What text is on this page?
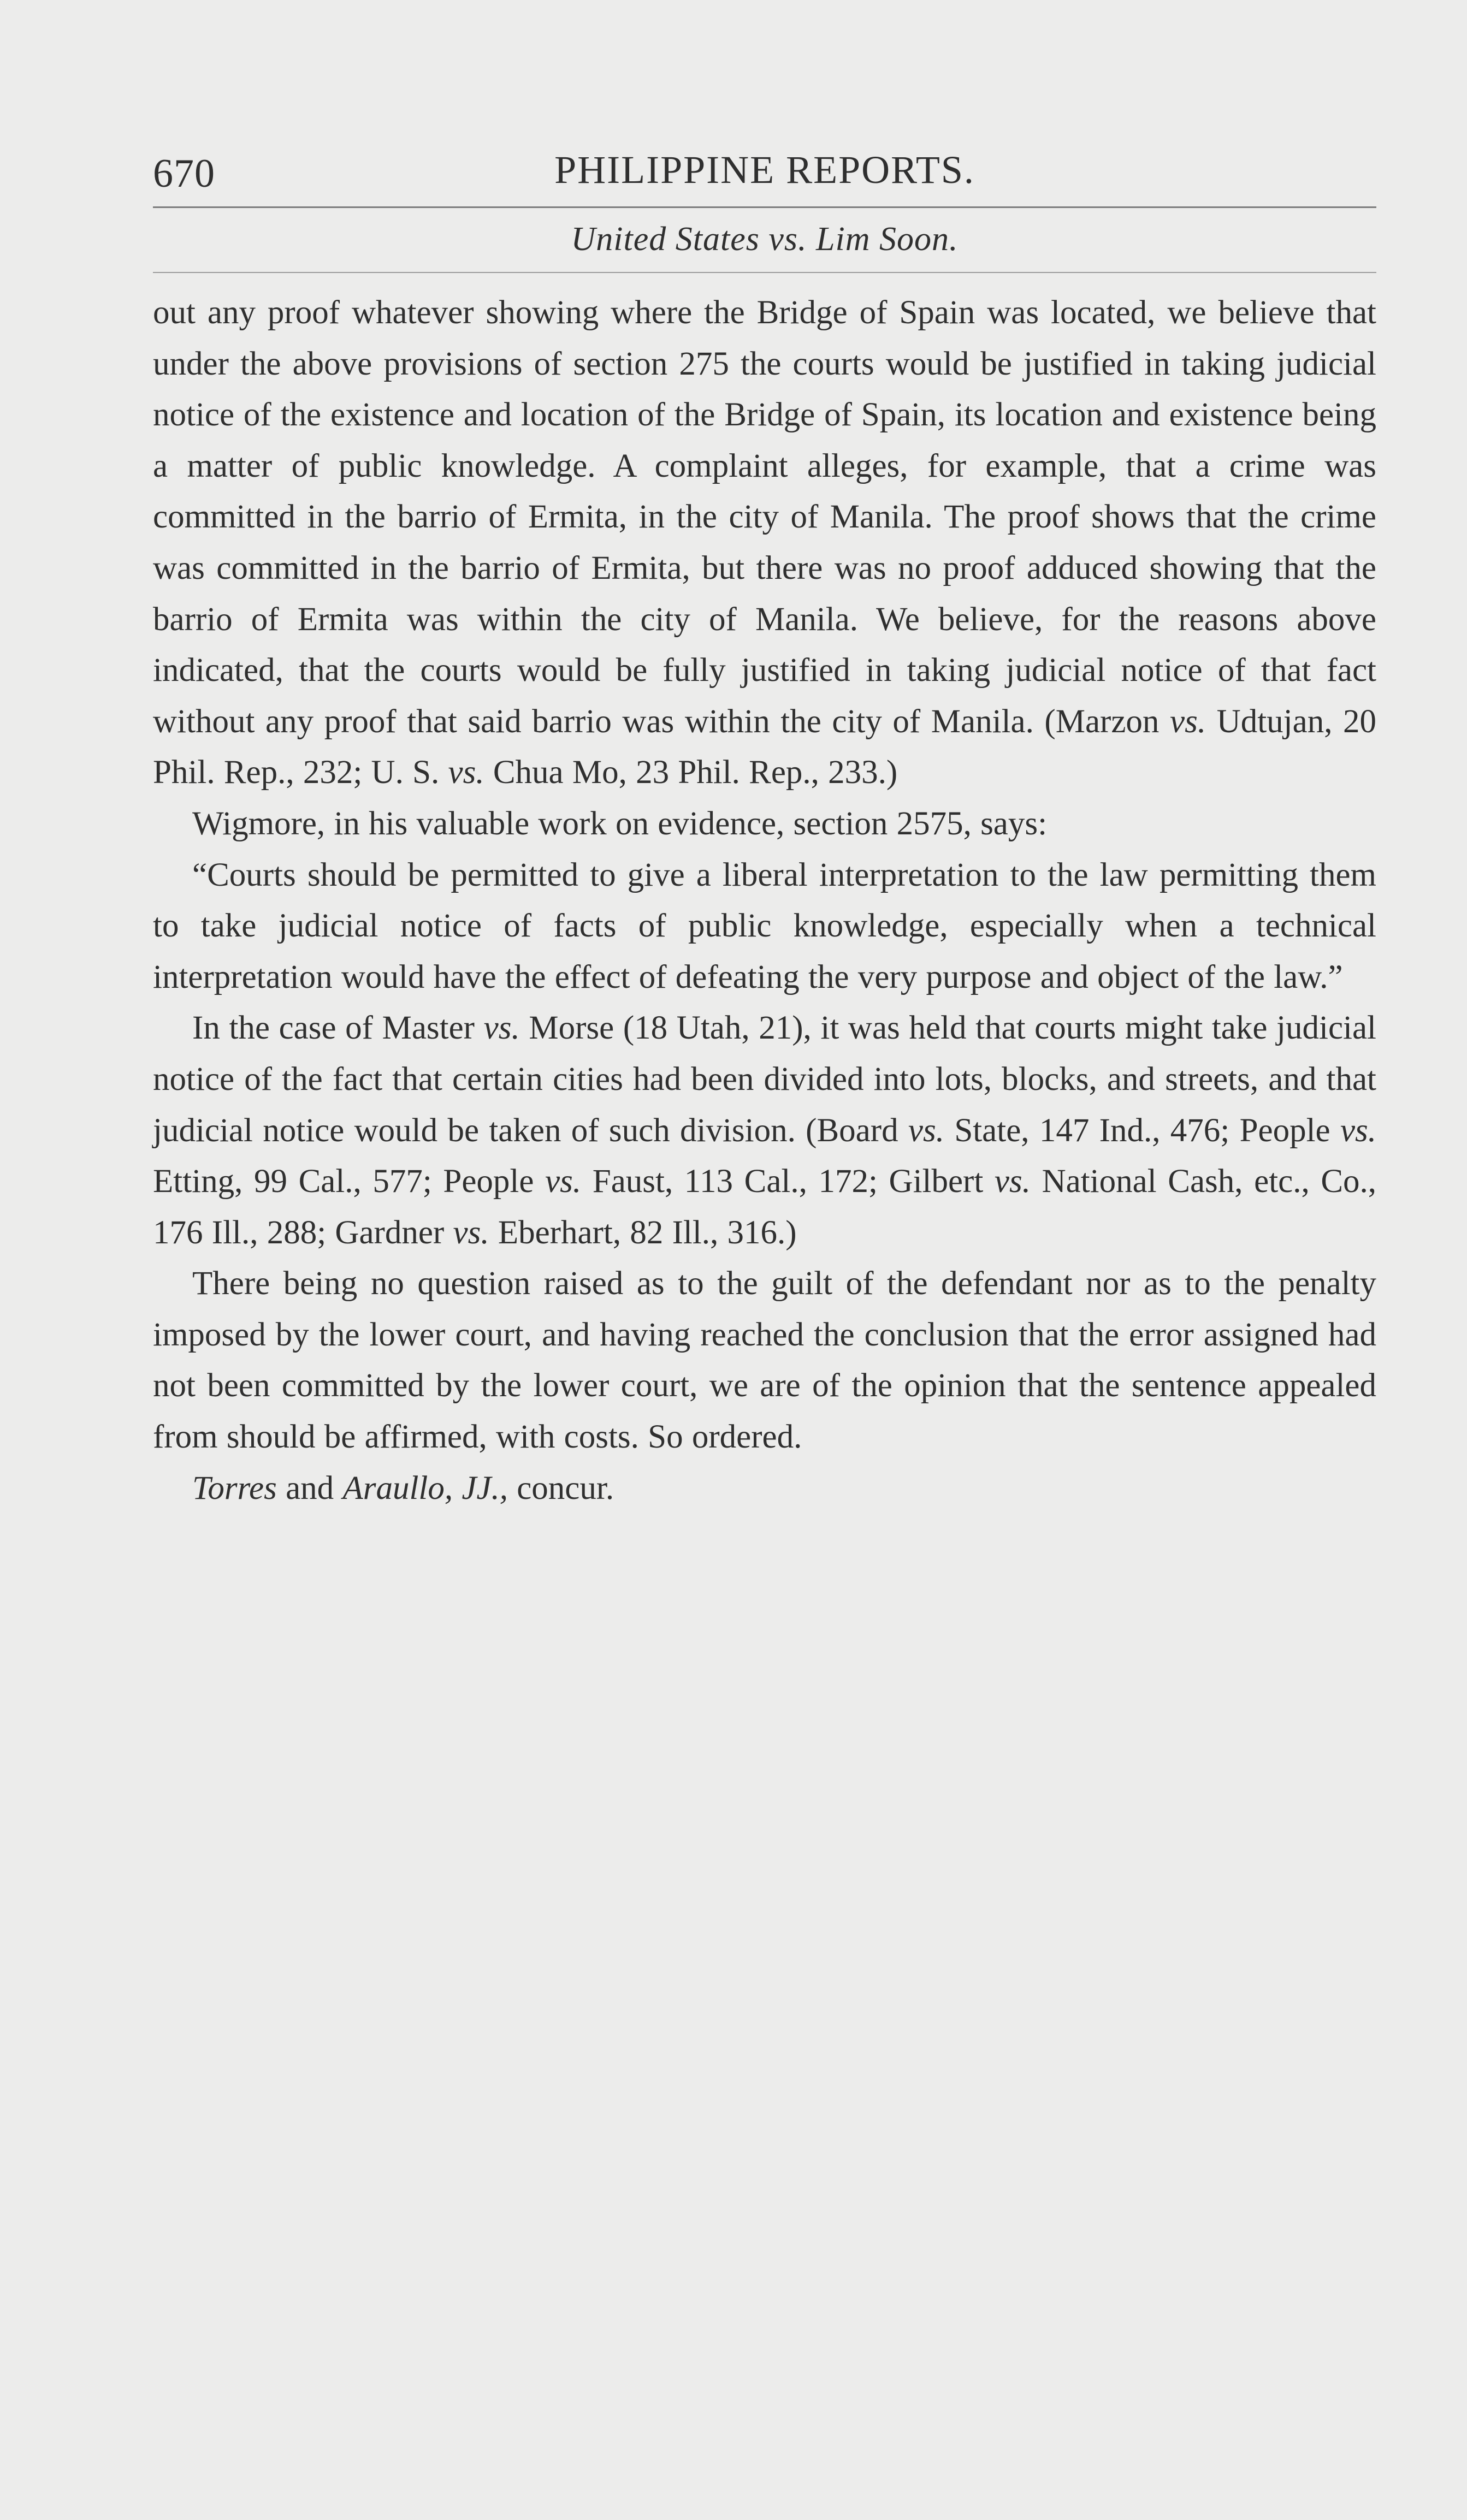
670	PHILIPPINE REPORTS.
United States vs. Lim Soon.

out any proof whatever showing where the Bridge of Spain was located, we believe that under the above provisions of section 275 the courts would be justified in taking judicial notice of the existence and location of the Bridge of Spain, its location and existence being a matter of public knowledge. A complaint alleges, for example, that a crime was committed in the barrio of Ermita, in the city of Manila. The proof shows that the crime was committed in the barrio of Ermita, but there was no proof adduced showing that the barrio of Ermita was within the city of Manila. We believe, for the reasons above indicated, that the courts would be fully justified in taking judicial notice of that fact without any proof that said barrio was within the city of Manila. (Marzon vs. Udtujan, 20 Phil. Rep., 232; U. S. vs. Chua Mo, 23 Phil. Rep., 233.)

Wigmore, in his valuable work on evidence, section 2575, says:

“Courts should be permitted to give a liberal interpretation to the law permitting them to take judicial notice of facts of public knowledge, especially when a technical interpretation would have the effect of defeating the very purpose and object of the law.”

In the case of Master vs. Morse (18 Utah, 21), it was held that courts might take judicial notice of the fact that certain cities had been divided into lots, blocks, and streets, and that judicial notice would be taken of such division. (Board vs. State, 147 Ind., 476; People vs. Etting, 99 Cal., 577; People vs. Faust, 113 Cal., 172; Gilbert vs. National Cash, etc., Co., 176 Ill., 288; Gardner vs. Eberhart, 82 Ill., 316.)

There being no question raised as to the guilt of the defendant nor as to the penalty imposed by the lower court, and having reached the conclusion that the error assigned had not been committed by the lower court, we are of the opinion that the sentence appealed from should be affirmed, with costs. So ordered.

Torres and Araullo, JJ., concur.
